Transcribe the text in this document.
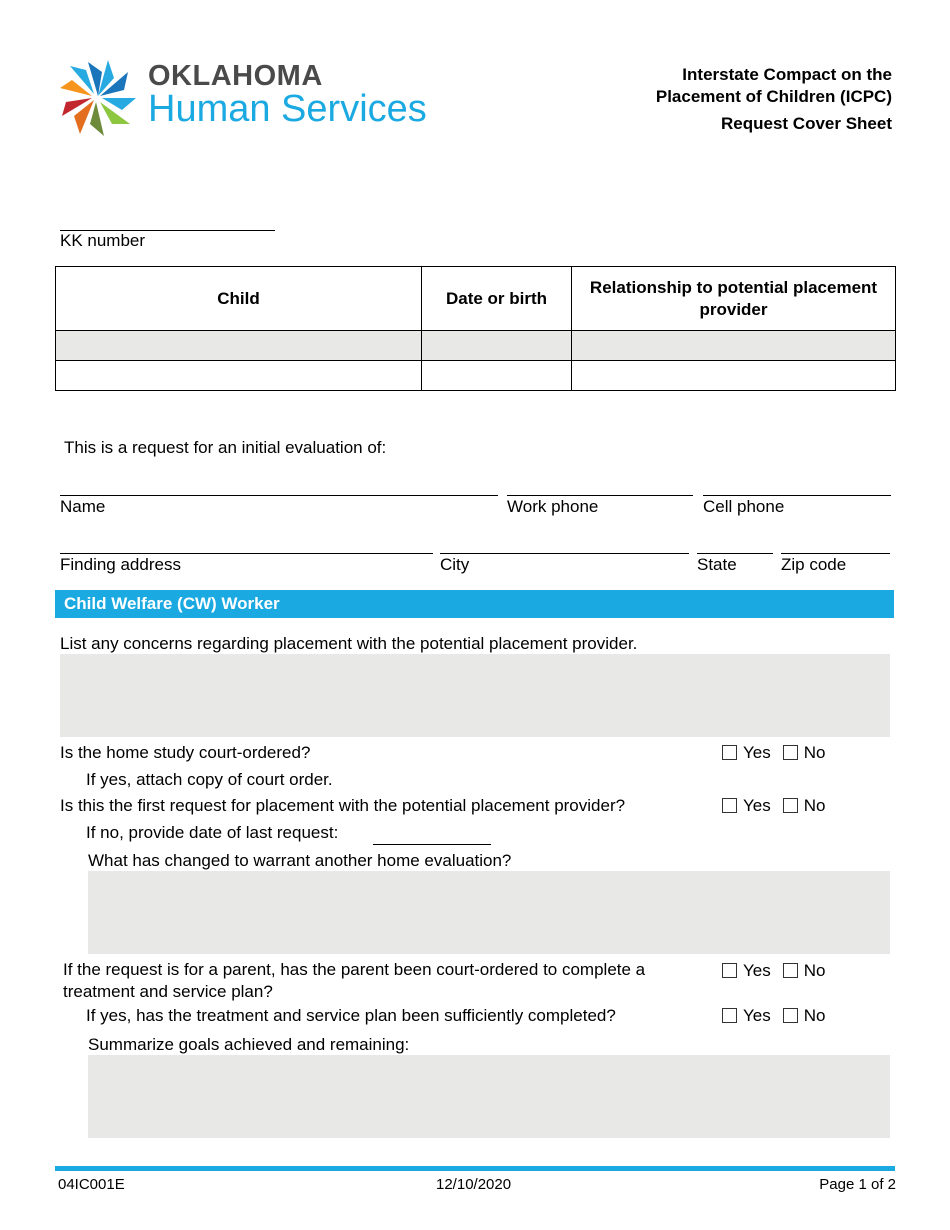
OKLAHOMA
Human Services
Interstate Compact on the
Placement of Children (ICPC)
Request Cover Sheet
KK number
Child	Date or birth	Relationship to potential placement provider

This is a request for an initial evaluation of:
Name	Work phone	Cell phone
Finding address	City	State	Zip code
Child Welfare (CW) Worker
List any concerns regarding placement with the potential placement provider.
Is the home study court-ordered?	Yes No
If yes, attach copy of court order.
Is this the first request for placement with the potential placement provider?	Yes No
If no, provide date of last request:
What has changed to warrant another home evaluation?
If the request is for a parent, has the parent been court-ordered to complete a
treatment and service plan?
Yes No
If yes, has the treatment and service plan been sufficiently completed?	Yes No
Summarize goals achieved and remaining:
04IC001E	12/10/2020	Page 1 of 2
